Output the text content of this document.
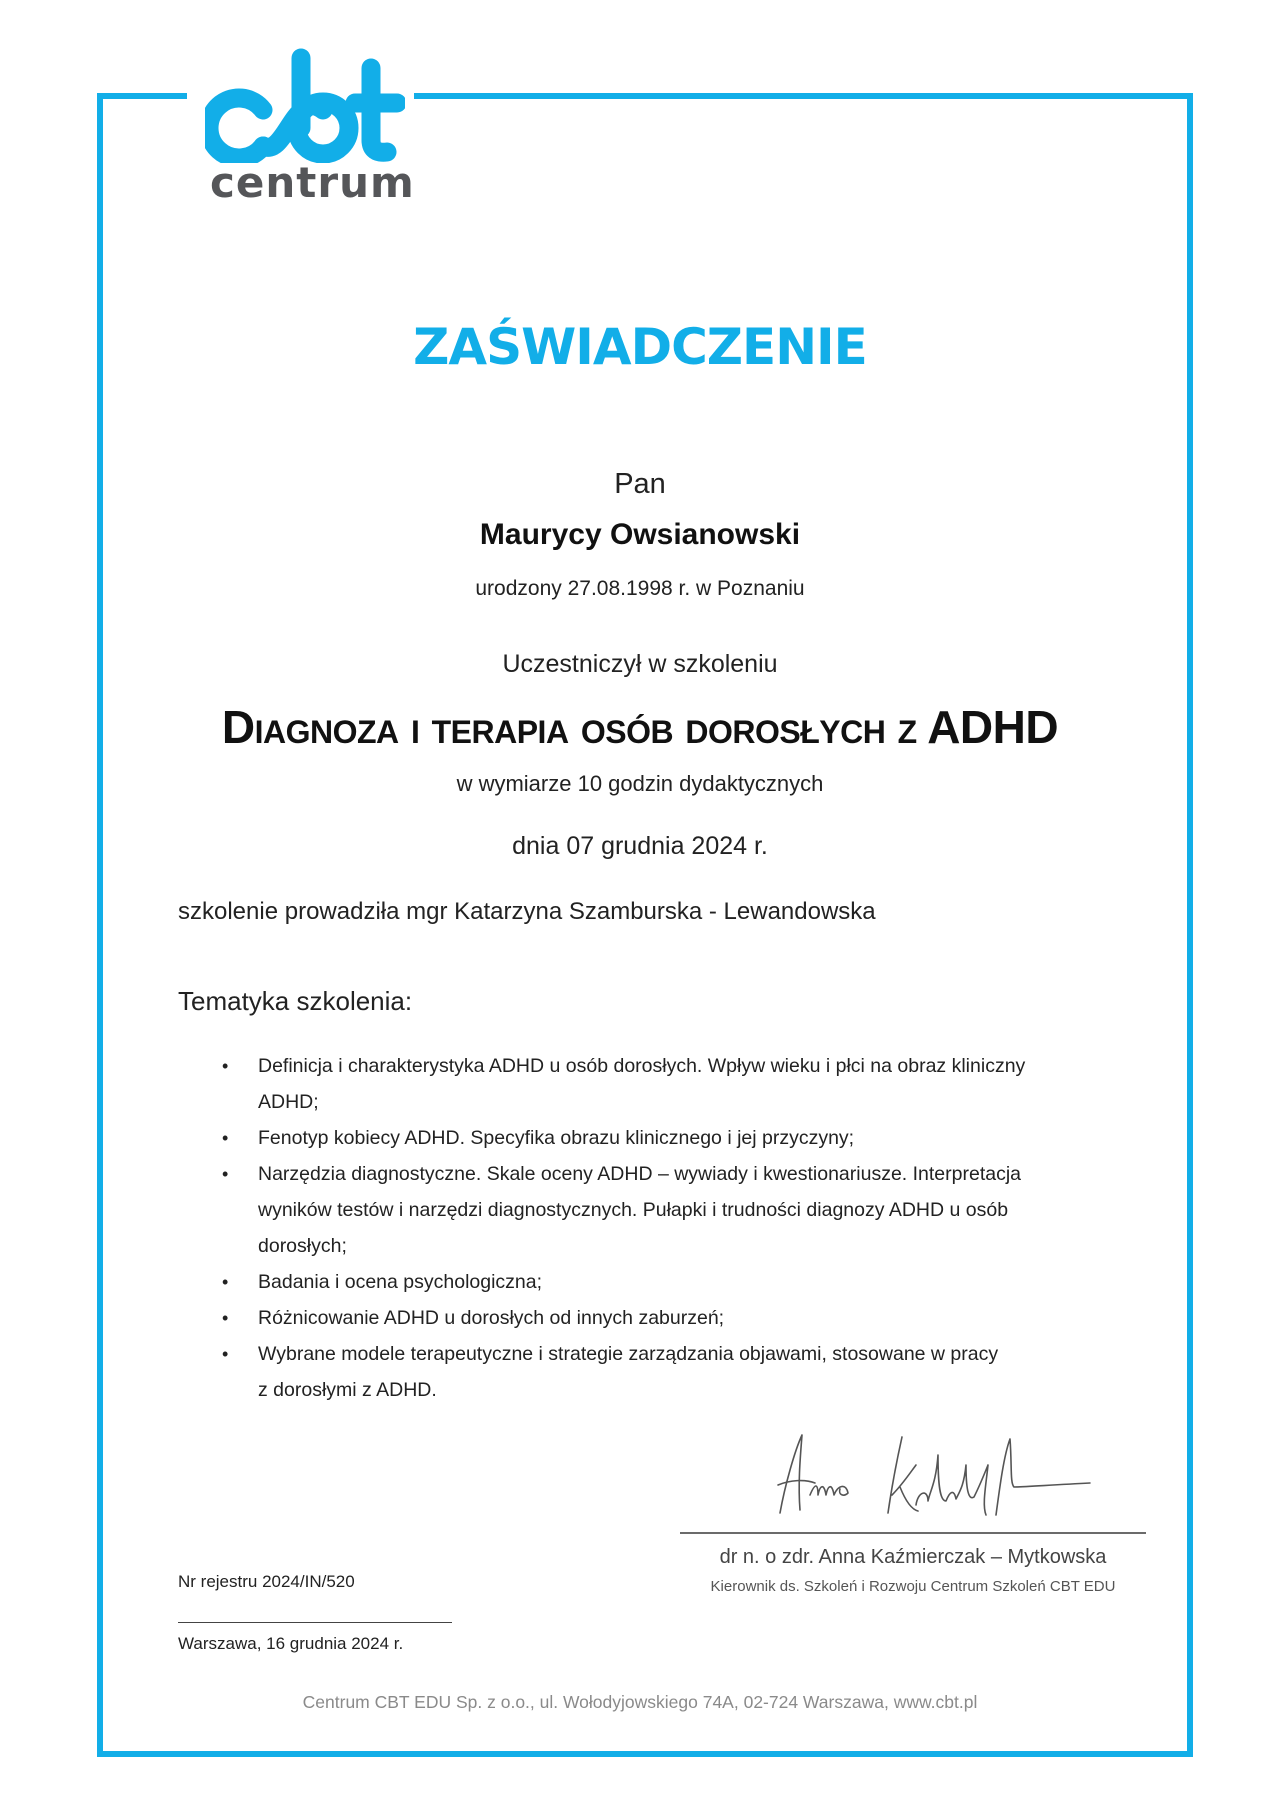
centrum
ZAŚWIADCZENIE
Pan
Maurycy Owsianowski
urodzony 27.08.1998 r. w Poznaniu
Uczestniczył w szkoleniu
Diagnoza i terapia osób dorosłych z ADHD
w wymiarze 10 godzin dydaktycznych
dnia 07 grudnia 2024 r.
szkolenie prowadziła mgr Katarzyna Szamburska - Lewandowska
Tematyka szkolenia:
•	Definicja i charakterystyka ADHD u osób dorosłych. Wpływ wieku i płci na obraz kliniczny
ADHD;
•	Fenotyp kobiecy ADHD. Specyfika obrazu klinicznego i jej przyczyny;
•	Narzędzia diagnostyczne. Skale oceny ADHD – wywiady i kwestionariusze. Interpretacja
wyników testów i narzędzi diagnostycznych. Pułapki i trudności diagnozy ADHD u osób
dorosłych;
•	Badania i ocena psychologiczna;
•	Różnicowanie ADHD u dorosłych od innych zaburzeń;
•	Wybrane modele terapeutyczne i strategie zarządzania objawami, stosowane w pracy
z dorosłymi z ADHD.
dr n. o zdr. Anna Kaźmierczak – Mytkowska
Kierownik ds. Szkoleń i Rozwoju Centrum Szkoleń CBT EDU
Nr rejestru 2024/IN/520
Warszawa, 16 grudnia 2024 r.
Centrum CBT EDU Sp. z o.o., ul. Wołodyjowskiego 74A, 02-724 Warszawa, www.cbt.pl
